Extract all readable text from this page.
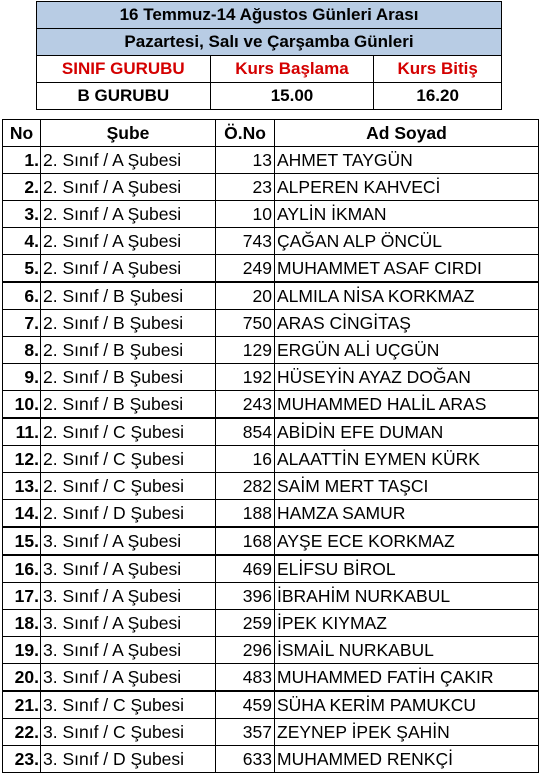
16 Temmuz-14 Ağustos Günleri Arası		
Pazartesi, Salı ve Çarşamba Günleri		
SINIF GURUBU	Kurs Başlama	Kurs Bitiş
B GURUBU	15.00	16.20
No	Şube	Ö.No	Ad Soyad
1.	2. Sınıf / A Şubesi	13	AHMET TAYGÜN
2.	2. Sınıf / A Şubesi	23	ALPEREN KAHVECİ
3.	2. Sınıf / A Şubesi	10	AYLİN İKMAN
4.	2. Sınıf / A Şubesi	743	ÇAĞAN ALP ÖNCÜL
5.	2. Sınıf / A Şubesi	249	MUHAMMET ASAF CIRDI
6.	2. Sınıf / B Şubesi	20	ALMILA NİSA KORKMAZ
7.	2. Sınıf / B Şubesi	750	ARAS CİNGİTAŞ
8.	2. Sınıf / B Şubesi	129	ERGÜN ALİ UÇGÜN
9.	2. Sınıf / B Şubesi	192	HÜSEYİN AYAZ DOĞAN
10.	2. Sınıf / B Şubesi	243	MUHAMMED HALİL ARAS
11.	2. Sınıf / C Şubesi	854	ABİDİN EFE DUMAN
12.	2. Sınıf / C Şubesi	16	ALAATTİN EYMEN KÜRK
13.	2. Sınıf / C Şubesi	282	SAİM MERT TAŞCI
14.	2. Sınıf / D Şubesi	188	HAMZA SAMUR
15.	3. Sınıf / A Şubesi	168	AYŞE ECE KORKMAZ
16.	3. Sınıf / A Şubesi	469	ELİFSU BİROL
17.	3. Sınıf / A Şubesi	396	İBRAHİM NURKABUL
18.	3. Sınıf / A Şubesi	259	İPEK KIYMAZ
19.	3. Sınıf / A Şubesi	296	İSMAİL NURKABUL
20.	3. Sınıf / A Şubesi	483	MUHAMMED FATİH ÇAKIR
21.	3. Sınıf / C Şubesi	459	SÜHA KERİM PAMUKCU
22.	3. Sınıf / C Şubesi	357	ZEYNEP İPEK ŞAHİN
23.	3. Sınıf / D Şubesi	633	MUHAMMED RENKÇİ
